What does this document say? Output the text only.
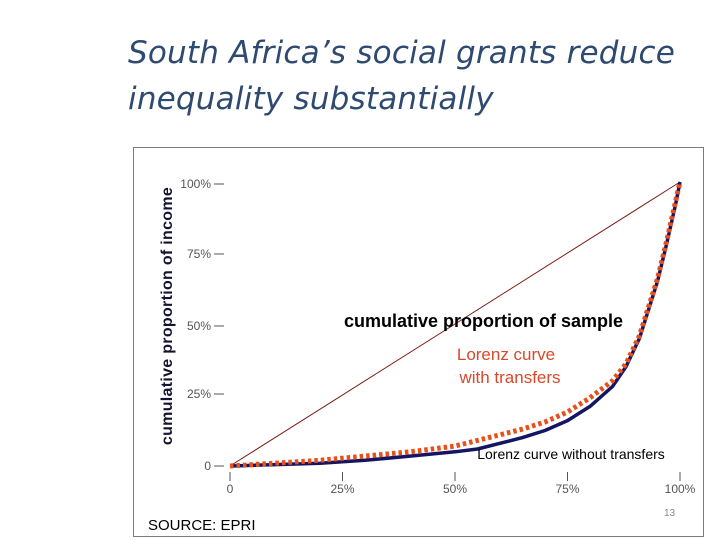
South Africa’s social grants reduce
inequality substantially
cumulative proportion of income
0
25%
50%
75%
100%
0	25%	50%	75%	100%
Lorenz curve
with transfers
Lorenz curve without transfers
cumulative proportion of sample
SOURCE: EPRI
13
